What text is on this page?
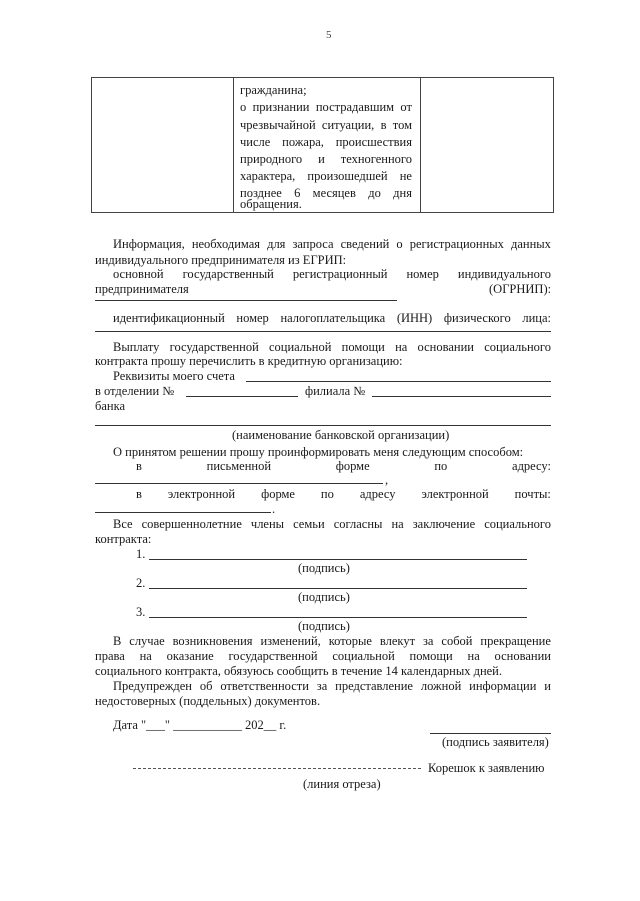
5

гражданина;
о признании пострадавшим от
чрезвычайной ситуации, в том
числе пожара, происшествия
природного и техногенного
характера, произошедшей не
позднее 6 месяцев до дня
обращения.

Информация, необходимая для запроса сведений о регистрационных данных
индивидуального предпринимателя из ЕГРИП:
основной государственный регистрационный номер индивидуального
предпринимателя	(ОГРНИП):
идентификационный номер налогоплательщика (ИНН) физического лица:
Выплату государственной социальной помощи на основании социального
контракта прошу перечислить в кредитную организацию:
Реквизиты моего счета
в отделении №	филиала №
банка
(наименование банковской организации)
О принятом решении прошу проинформировать меня следующим способом:
в	письменной	форме	по	адресу:
,
в электронной форме по адресу электронной почты:
.
Все совершеннолетние члены семьи согласны на заключение социального
контракта:
1.
(подпись)
2.
(подпись)
3.
(подпись)
В случае возникновения изменений, которые влекут за собой прекращение
права на оказание государственной социальной помощи на основании
социального контракта, обязуюсь сообщить в течение 14 календарных дней.
Предупрежден об ответственности за представление ложной информации и
недостоверных (поддельных) документов.
Дата "___" ___________ 202__ г.
(подпись заявителя)
Корешок к заявлению
(линия отреза)
